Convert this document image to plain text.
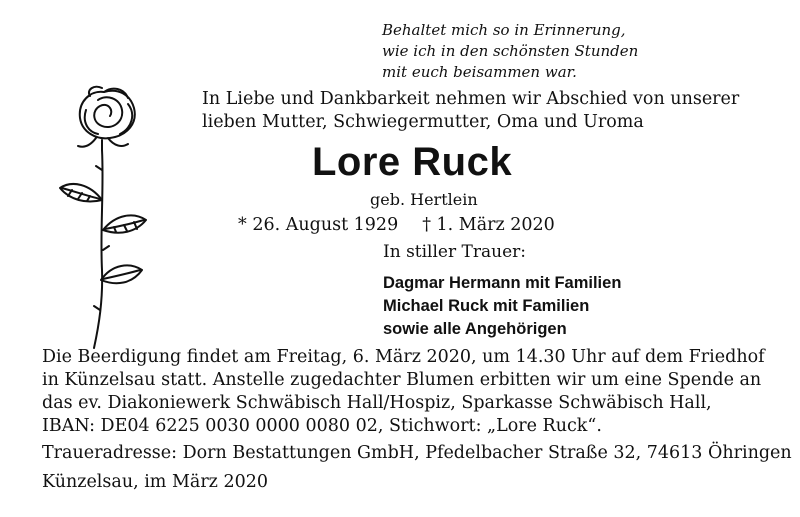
Behaltet mich so in Erinnerung,
wie ich in den schönsten Stunden
mit euch beisammen war.
In Liebe und Dankbarkeit nehmen wir Abschied von unserer
lieben Mutter, Schwiegermutter, Oma und Uroma
Lore Ruck
geb. Hertlein
* 26. August 1929 † 1. März 2020
In stiller Trauer:
Dagmar Hermann mit Familien
Michael Ruck mit Familien
sowie alle Angehörigen
Die Beerdigung findet am Freitag, 6. März 2020, um 14.30 Uhr auf dem Friedhof
in Künzelsau statt. Anstelle zugedachter Blumen erbitten wir um eine Spende an
das ev. Diakoniewerk Schwäbisch Hall/Hospiz, Sparkasse Schwäbisch Hall,
IBAN: DE04 6225 0030 0000 0080 02, Stichwort: „Lore Ruck“.
Traueradresse: Dorn Bestattungen GmbH, Pfedelbacher Straße 32, 74613 Öhringen
Künzelsau, im März 2020
